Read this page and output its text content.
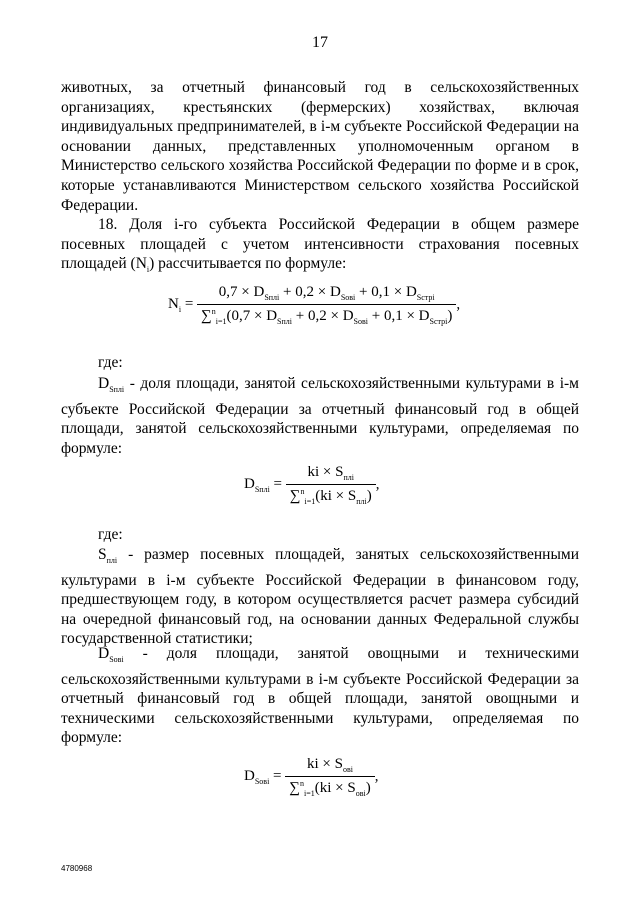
17
животных, за отчетный финансовый год в сельскохозяйственных организациях, крестьянских (фермерских) хозяйствах, включая индивидуальных предпринимателей, в i-м субъекте Российской Федерации на основании данных, представленных уполномоченным органом в Министерство сельского хозяйства Российской Федерации по форме и в срок, которые устанавливаются Министерством сельского хозяйства Российской Федерации.
18. Доля i-го субъекта Российской Федерации в общем размере посевных площадей с учетом интенсивности страхования посевных площадей $(N_i)$ рассчитывается по формуле:
$N_i = \frac{0,7 \times D_{Sплi} + 0,2 \times D_{Sовi} + 0,1 \times D_{Sстрi}}{\sum^n_{i=1}(0,7 \times D_{Sплi} + 0,2 \times D_{Sовi} + 0,1 \times D_{Sстрi})}$ ,
где:
$D_{Sплi}$ - доля площади, занятой сельскохозяйственными культурами в i-м субъекте Российской Федерации за отчетный финансовый год в общей площади, занятой сельскохозяйственными культурами, определяемая по формуле:
$D_{Sплi} = \frac{ki \times S_{плi}}{\sum^n_{i=1}(ki \times S_{плi})}$ ,
где:
$S_{плi}$ - размер посевных площадей, занятых сельскохозяйственными культурами в i-м субъекте Российской Федерации в финансовом году, предшествующем году, в котором осуществляется расчет размера субсидий на очередной финансовый год, на основании данных Федеральной службы государственной статистики;
$D_{Sовi}$ - доля площади, занятой овощными и техническими сельскохозяйственными культурами в i-м субъекте Российской Федерации за отчетный финансовый год в общей площади, занятой овощными и техническими сельскохозяйственными культурами, определяемая по формуле:
$D_{Sовi} = \frac{ki \times S_{овi}}{\sum^n_{i=1}(ki \times S_{овi})}$ ,
4780968
